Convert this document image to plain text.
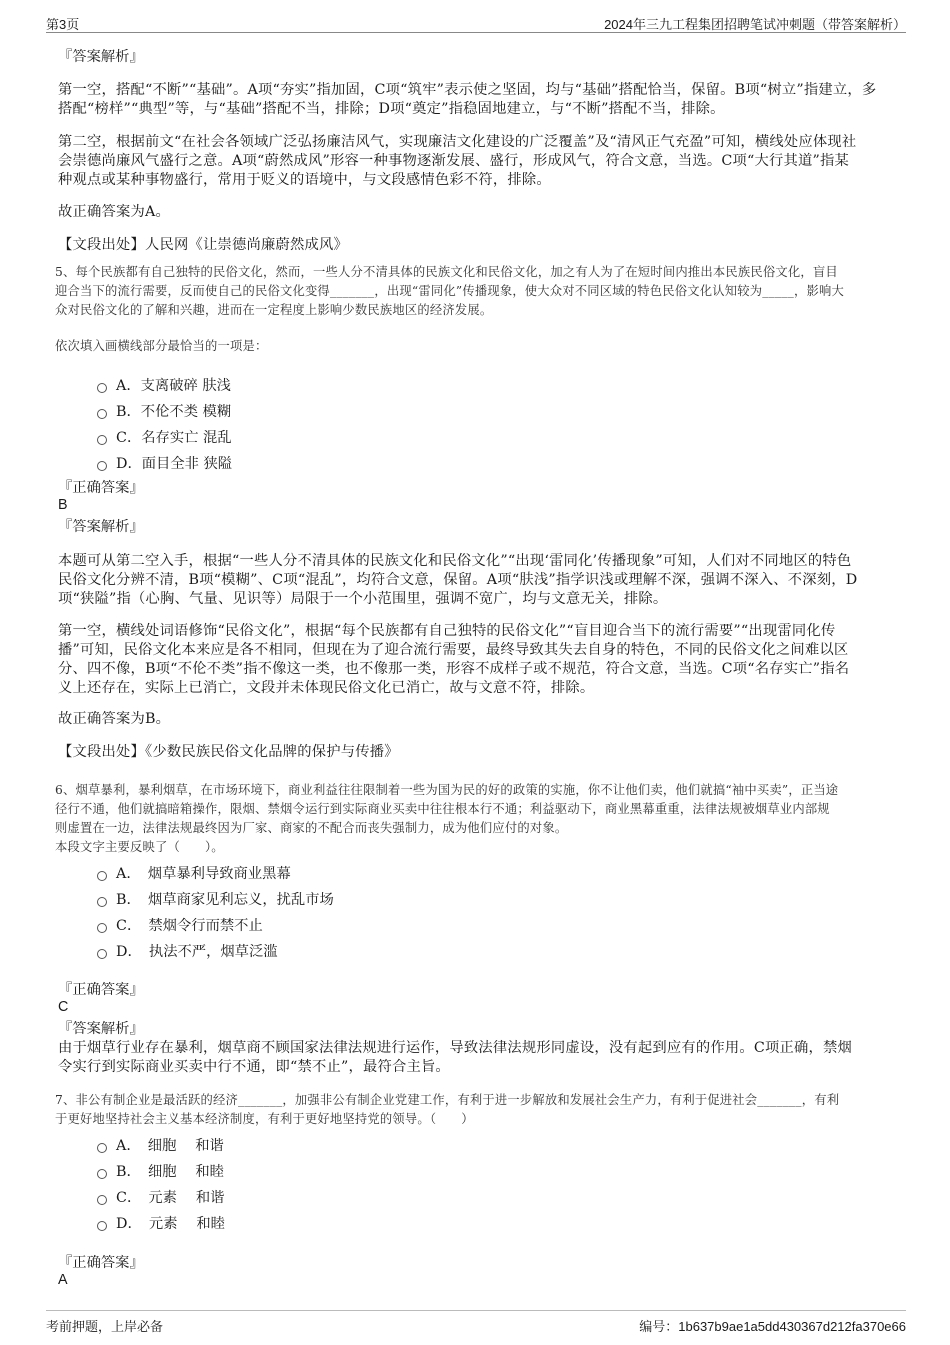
第3页	2024年三九工程集团招聘笔试冲刺题（带答案解析）
『答案解析』
第一空，搭配“不断”“基础”。A项“夯实”指加固，C项“筑牢”表示使之坚固，均与“基础”搭配恰当，保留。B项“树立”指建立，多
搭配“榜样”“典型”等，与“基础”搭配不当，排除；D项“奠定”指稳固地建立，与“不断”搭配不当，排除。
第二空，根据前文“在社会各领域广泛弘扬廉洁风气，实现廉洁文化建设的广泛覆盖”及“清风正气充盈”可知，横线处应体现社
会崇德尚廉风气盛行之意。A项“蔚然成风”形容一种事物逐渐发展、盛行，形成风气，符合文意，当选。C项“大行其道”指某
种观点或某种事物盛行，常用于贬义的语境中，与文段感情色彩不符，排除。
故正确答案为A。
【文段出处】人民网《让崇德尚廉蔚然成风》
5、每个民族都有自己独特的民俗文化，然而，一些人分不清具体的民族文化和民俗文化，加之有人为了在短时间内推出本民族民俗文化，盲目
迎合当下的流行需要，反而使自己的民俗文化变得_______，出现“雷同化”传播现象，使大众对不同区域的特色民俗文化认知较为_____，影响大
众对民俗文化的了解和兴趣，进而在一定程度上影响少数民族地区的经济发展。
依次填入画横线部分最恰当的一项是：
A．支离破碎 肤浅
B．不伦不类 模糊
C．名存实亡 混乱
D．面目全非 狭隘
『正确答案』
B
『答案解析』
本题可从第二空入手，根据“一些人分不清具体的民族文化和民俗文化”“出现‘雷同化’传播现象”可知，人们对不同地区的特色
民俗文化分辨不清，B项“模糊”、C项“混乱”，均符合文意，保留。A项“肤浅”指学识浅或理解不深，强调不深入、不深刻，D
项“狭隘”指（心胸、气量、见识等）局限于一个小范围里，强调不宽广，均与文意无关，排除。
第一空，横线处词语修饰“民俗文化”，根据“每个民族都有自己独特的民俗文化”“盲目迎合当下的流行需要”“出现雷同化传
播”可知，民俗文化本来应是各不相同，但现在为了迎合流行需要，最终导致其失去自身的特色，不同的民俗文化之间难以区
分、四不像，B项“不伦不类”指不像这一类，也不像那一类，形容不成样子或不规范，符合文意，当选。C项“名存实亡”指名
义上还存在，实际上已消亡，文段并未体现民俗文化已消亡，故与文意不符，排除。
故正确答案为B。
【文段出处】《少数民族民俗文化品牌的保护与传播》
6、烟草暴利，暴利烟草，在市场环境下，商业利益往往限制着一些为国为民的好的政策的实施，你不让他们卖，他们就搞“袖中买卖”，正当途
径行不通，他们就搞暗箱操作，限烟、禁烟令运行到实际商业买卖中往往根本行不通；利益驱动下，商业黑幕重重，法律法规被烟草业内部规
则虚置在一边，法律法规最终因为厂家、商家的不配合而丧失强制力，成为他们应付的对象。
本段文字主要反映了（　　）。
A．　烟草暴利导致商业黑幕
B．　烟草商家见利忘义，扰乱市场
C．　禁烟令行而禁不止
D．　执法不严，烟草泛滥
『正确答案』
C
『答案解析』
由于烟草行业存在暴利，烟草商不顾国家法律法规进行运作，导致法律法规形同虚设，没有起到应有的作用。C项正确，禁烟
令实行到实际商业买卖中行不通，即“禁不止”，最符合主旨。
7、非公有制企业是最活跃的经济_______，加强非公有制企业党建工作，有利于进一步解放和发展社会生产力，有利于促进社会_______，有利
于更好地坚持社会主义基本经济制度，有利于更好地坚持党的领导。（　　）
A．　细胞　 和谐
B．　细胞　 和睦
C．　元素　 和谐
D．　元素　 和睦
『正确答案』
A
考前押题，上岸必备	编号：1b637b9ae1a5dd430367d212fa370e66
